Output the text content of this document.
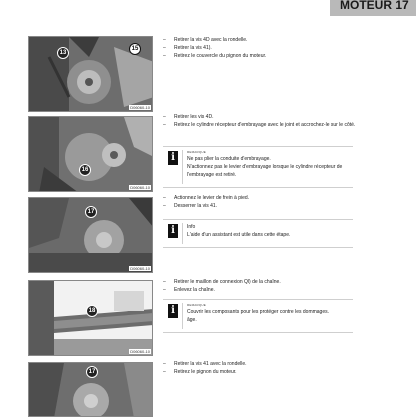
MOTEUR 17
13
15
D06060-10
– Retirer la vis 4D avec la rondelle.
– Retirer la vis 41).
– Retirez le couvercle du pignon du moteur.
16
D06060-10
– Retirer les vis 4D.
– Retirez le cylindre récepteur d'embrayage avec le joint et accrochez-le sur le côté.
i	REMARQUE
Ne pas plier la conduite d'embrayage.
N'actionnez pas le levier d'embrayage lorsque le cylindre récepteur de
l'embrayage est retiré.
17
D06060-10
– Actionnez le levier de frein à pied.
– Desserrer la vis 41.
i	Info
L'aide d'un assistant est utile dans cette étape.
18
D06060-10
– Retirer le maillon de connexion Ql) de la chaîne.
– Enlevez la chaîne.
i	REMARQUE
Couvrir les composants pour les protéger contre les dommages.
âge.
17
– Retirer la vis 41 avec la rondelle.
– Retirez le pignon du moteur.
